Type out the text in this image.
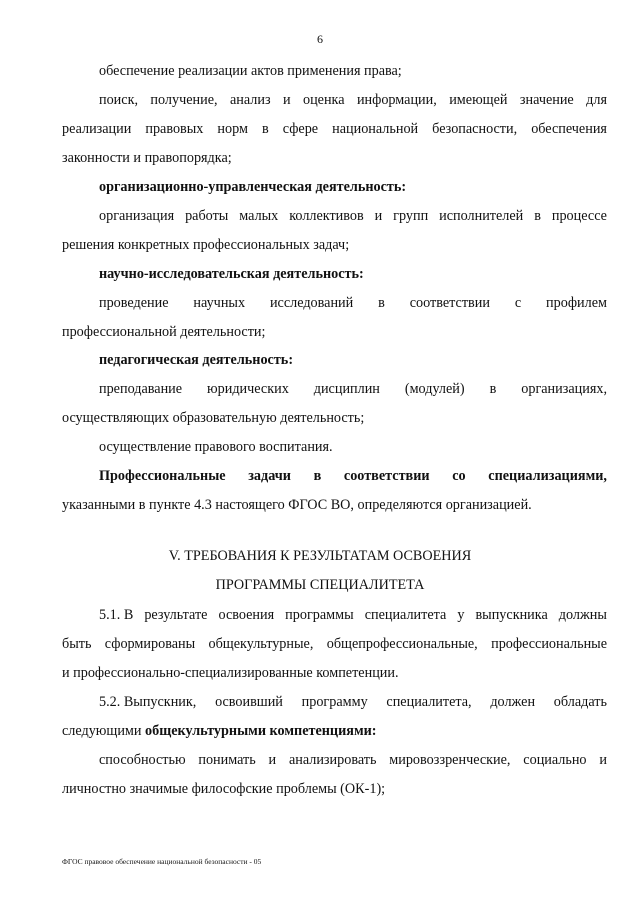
6
обеспечение реализации актов применения права;
поиск, получение, анализ и оценка информации, имеющей значение для
реализации правовых норм в сфере национальной безопасности, обеспечения
законности и правопорядка;
организационно-управленческая деятельность:
организация работы малых коллективов и групп исполнителей в процессе
решения конкретных профессиональных задач;
научно-исследовательская деятельность:
проведение научных исследований в соответствии с профилем
профессиональной деятельности;
педагогическая деятельность:
преподавание юридических дисциплин (модулей) в организациях,
осуществляющих образовательную деятельность;
осуществление правового воспитания.
Профессиональные задачи в соответствии со специализациями,
указанными в пункте 4.3 настоящего ФГОС ВО, определяются организацией.
V. ТРЕБОВАНИЯ К РЕЗУЛЬТАТАМ ОСВОЕНИЯ
ПРОГРАММЫ СПЕЦИАЛИТЕТА
5.1. В результате освоения программы специалитета у выпускника должны
быть сформированы общекультурные, общепрофессиональные, профессиональные
и профессионально-специализированные компетенции.
5.2. Выпускник, освоивший программу специалитета, должен обладать
следующими общекультурными компетенциями:
способностью понимать и анализировать мировоззренческие, социально и
личностно значимые философские проблемы (ОК-1);
ФГОС правовое обеспечение национальной безопасности - 05
